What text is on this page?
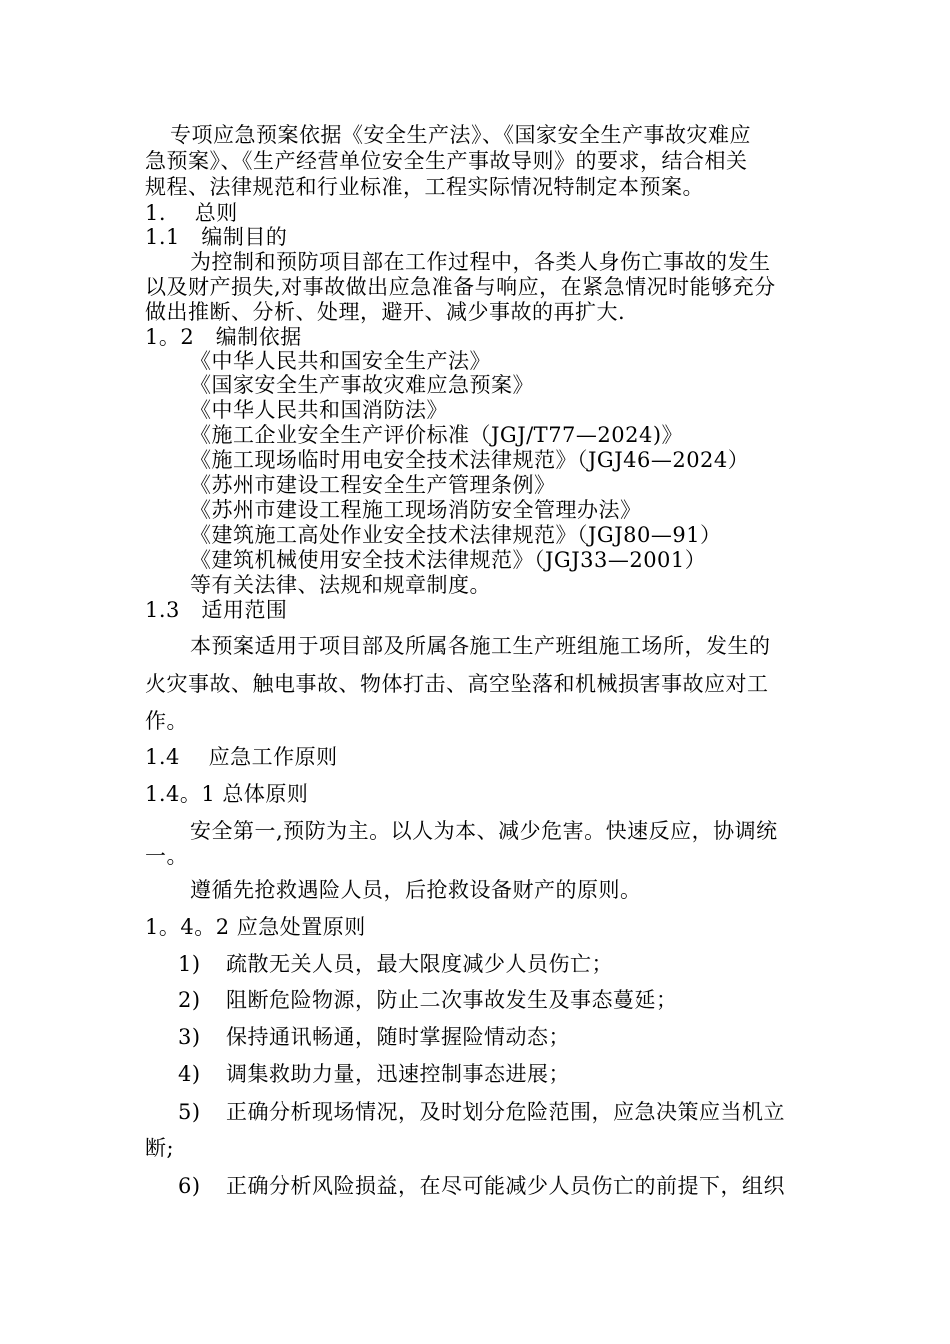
专项应急预案依据《安全生产法》、《国家安全生产事故灾难应
急预案》、《生产经营单位安全生产事故导则》的要求，结合相关
规程、法律规范和行业标准，工程实际情况特制定本预案。
1.　 总则
1.1　编制目的
为控制和预防项目部在工作过程中，各类人身伤亡事故的发生
以及财产损失,对事故做出应急准备与响应，在紧急情况时能够充分
做出推断、分析、处理，避开、减少事故的再扩大.
1。2　编制依据
《中华人民共和国安全生产法》
《国家安全生产事故灾难应急预案》
《中华人民共和国消防法》
《施工企业安全生产评价标准（JGJ/T77—2024)》
《施工现场临时用电安全技术法律规范》（JGJ46—2024）
《苏州市建设工程安全生产管理条例》
《苏州市建设工程施工现场消防安全管理办法》
《建筑施工高处作业安全技术法律规范》（JGJ80—91）
《建筑机械使用安全技术法律规范》（JGJ33—2001）
等有关法律、法规和规章制度。
1.3　适用范围
本预案适用于项目部及所属各施工生产班组施工场所，发生的
火灾事故、触电事故、物体打击、高空坠落和机械损害事故应对工
作。
1.4　 应急工作原则
1.4。1 总体原则
安全第一,预防为主。以人为本、减少危害。快速反应，协调统
一。
遵循先抢救遇险人员，后抢救设备财产的原则。
1。4。2 应急处置原则
1) 疏散无关人员，最大限度减少人员伤亡；
2) 阻断危险物源，防止二次事故发生及事态蔓延；
3) 保持通讯畅通，随时掌握险情动态；
4) 调集救助力量，迅速控制事态进展；
5) 正确分析现场情况，及时划分危险范围，应急决策应当机立
断;
6) 正确分析风险损益，在尽可能减少人员伤亡的前提下，组织
